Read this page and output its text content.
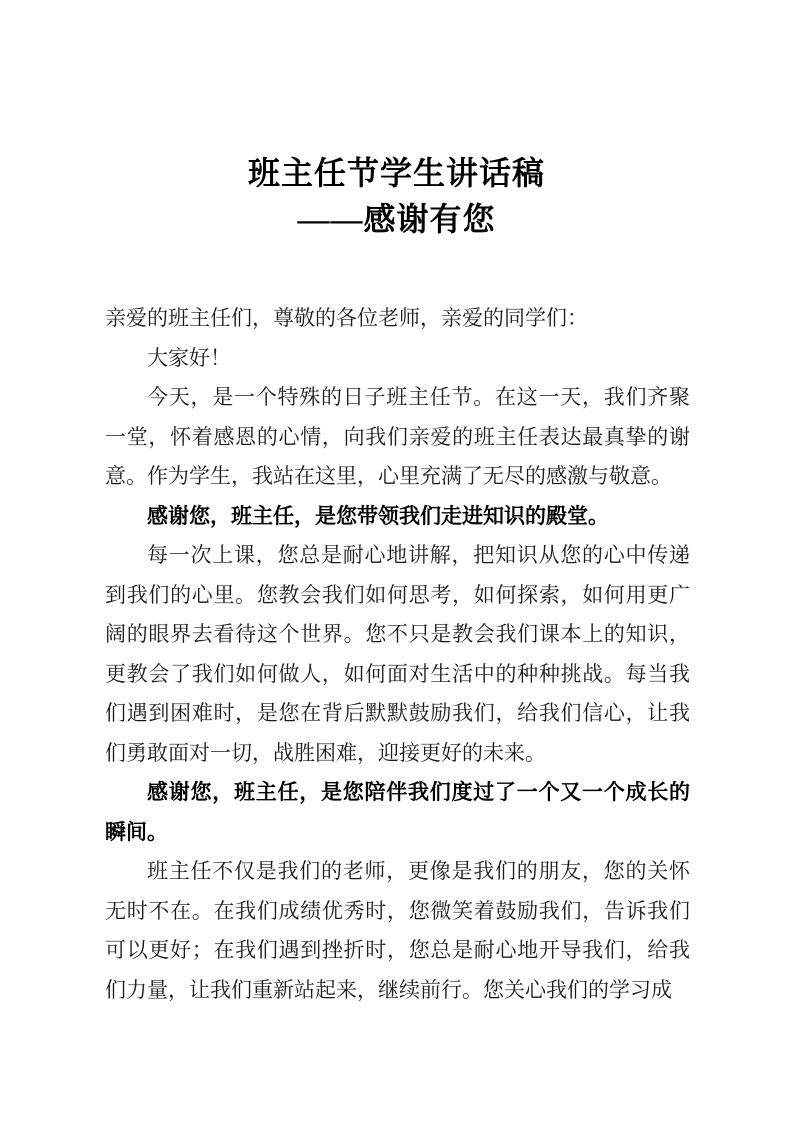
班主任节学生讲话稿
——感谢有您

亲爱的班主任们，尊敬的各位老师，亲爱的同学们：

大家好！

今天，是一个特殊的日子班主任节。在这一天，我们齐聚一堂，怀着感恩的心情，向我们亲爱的班主任表达最真挚的谢意。作为学生，我站在这里，心里充满了无尽的感激与敬意。

感谢您，班主任，是您带领我们走进知识的殿堂。

每一次上课，您总是耐心地讲解，把知识从您的心中传递到我们的心里。您教会我们如何思考，如何探索，如何用更广阔的眼界去看待这个世界。您不只是教会我们课本上的知识，更教会了我们如何做人，如何面对生活中的种种挑战。每当我们遇到困难时，是您在背后默默鼓励我们，给我们信心，让我们勇敢面对一切，战胜困难，迎接更好的未来。

感谢您，班主任，是您陪伴我们度过了一个又一个成长的瞬间。

班主任不仅是我们的老师，更像是我们的朋友，您的关怀无时不在。在我们成绩优秀时，您微笑着鼓励我们，告诉我们可以更好；在我们遇到挫折时，您总是耐心地开导我们，给我们力量，让我们重新站起来，继续前行。您关心我们的学习成
